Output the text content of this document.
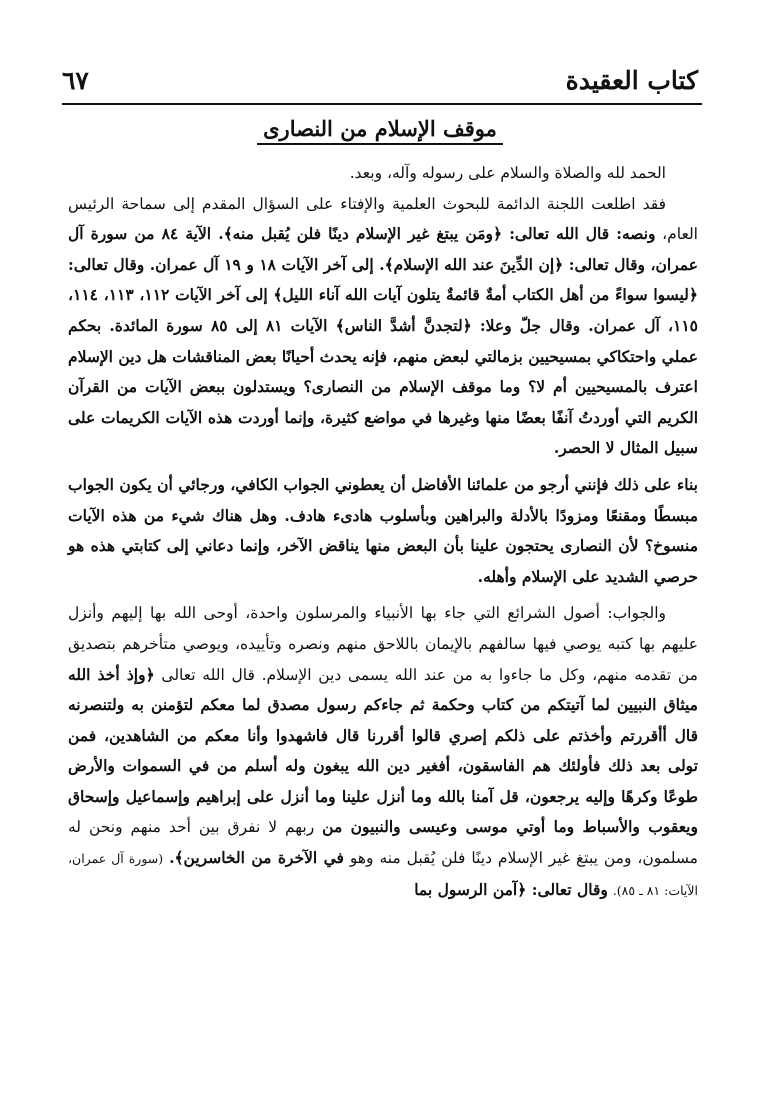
كتاب العقيدة
٦٧
موقف الإسلام من النصارى

الحمد لله والصلاة والسلام على رسوله وآله، وبعد.

فقد اطلعت اللجنة الدائمة للبحوث العلمية والإفتاء على السؤال المقدم إلى سماحة الرئيس العام، ونصه: قال الله تعالى: ﴿ومَن يبتغ غير الإسلام دينًا فلن يُقبل منه﴾. الآية ٨٤ من سورة آل عمران، وقال تعالى: ﴿إن الدِّينَ عند الله الإسلام﴾. إلى آخر الآيات ١٨ و ١٩ آل عمران. وقال تعالى: ﴿ليسوا سواءً من أهل الكتاب أمةٌ قائمةٌ يتلون آيات الله آناء الليل﴾ إلى آخر الآيات ١١٢، ١١٣، ١١٤، ١١٥، آل عمران. وقال جلّ وعلا: ﴿لتجدنَّ أشدَّ الناس﴾ الآيات ٨١ إلى ٨٥ سورة المائدة. بحكم عملي واحتكاكي بمسيحيين بزمالتي لبعض منهم، فإنه يحدث أحيانًا بعض المناقشات هل دين الإسلام اعترف بالمسيحيين أم لا؟ وما موقف الإسلام من النصارى؟ ويستدلون ببعض الآيات من القرآن الكريم التي أوردتُ آنفًا بعضًا منها وغيرها في مواضع كثيرة، وإنما أوردت هذه الآيات الكريمات على سبيل المثال لا الحصر.

بناء على ذلك فإنني أرجو من علمائنا الأفاضل أن يعطوني الجواب الكافي، ورجائي أن يكون الجواب مبسطًا ومقنعًا ومزودًا بالأدلة والبراهين وبأسلوب هادىء هادف. وهل هناك شيء من هذه الآيات منسوخ؟ لأن النصارى يحتجون علينا بأن البعض منها يناقض الآخر، وإنما دعاني إلى كتابتي هذه هو حرصي الشديد على الإسلام وأهله.

والجواب: أصول الشرائع التي جاء بها الأنبياء والمرسلون واحدة، أوحى الله بها إليهم وأنزل عليهم بها كتبه يوصي فيها سالفهم بالإيمان باللاحق منهم ونصره وتأييده، ويوصي متأخرهم بتصديق من تقدمه منهم، وكل ما جاءوا به من عند الله يسمى دين الإسلام. قال الله تعالى ﴿وإذ أخذ الله ميثاق النبيين لما آتيتكم من كتاب وحكمة ثم جاءكم رسول مصدق لما معكم لتؤمنن به ولتنصرنه قال أأقررتم وأخذتم على ذلكم إصري قالوا أقررنا قال فاشهدوا وأنا معكم من الشاهدين، فمن تولى بعد ذلك فأولئك هم الفاسقون، أفغير دين الله يبغون وله أسلم من في السموات والأرض طوعًا وكرهًا وإليه يرجعون، قل آمنا بالله وما أنزل علينا وما أنزل على إبراهيم وإسماعيل وإسحاق ويعقوب والأسباط وما أوتي موسى وعيسى والنبيون من ربهم لا نفرق بين أحد منهم ونحن له مسلمون، ومن يبتغ غير الإسلام دينًا فلن يُقبل منه وهو في الآخرة من الخاسرين﴾. (سورة آل عمران، الآيات: ٨١ ـ ٨٥). وقال تعالى: ﴿آمن الرسول بما
